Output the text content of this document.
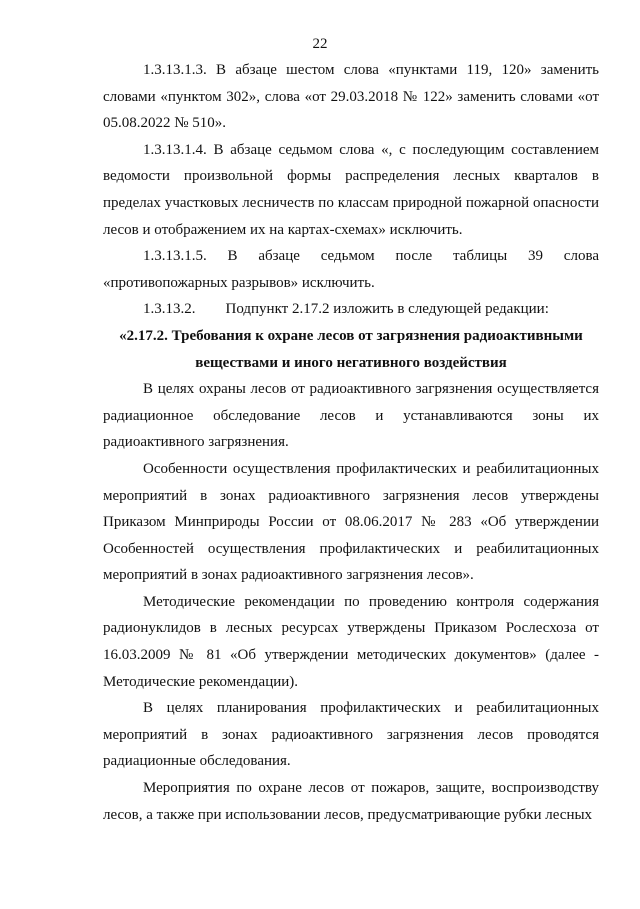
22

1.3.13.1.3. В абзаце шестом слова «пунктами 119, 120» заменить словами «пунктом 302», слова «от 29.03.2018 № 122» заменить словами «от 05.08.2022 № 510».

1.3.13.1.4. В абзаце седьмом слова «, с последующим составлением ведомости произвольной формы распределения лесных кварталов в пределах участковых лесничеств по классам природной пожарной опасности лесов и отображением их на картах-схемах» исключить.

1.3.13.1.5. В абзаце седьмом после таблицы 39 слова «противопожарных разрывов» исключить.

1.3.13.2. Подпункт 2.17.2 изложить в следующей редакции:

«2.17.2. Требования к охране лесов от загрязнения радиоактивными
веществами и иного негативного воздействия

В целях охраны лесов от радиоактивного загрязнения осуществляется радиационное обследование лесов и устанавливаются зоны их радиоактивного загрязнения.

Особенности осуществления профилактических и реабилитационных мероприятий в зонах радиоактивного загрязнения лесов утверждены Приказом Минприроды России от 08.06.2017 № 283 «Об утверждении Особенностей осуществления профилактических и реабилитационных мероприятий в зонах радиоактивного загрязнения лесов».

Методические рекомендации по проведению контроля содержания радионуклидов в лесных ресурсах утверждены Приказом Рослесхоза от 16.03.2009 № 81 «Об утверждении методических документов» (далее - Методические рекомендации).

В целях планирования профилактических и реабилитационных мероприятий в зонах радиоактивного загрязнения лесов проводятся радиационные обследования.

Мероприятия по охране лесов от пожаров, защите, воспроизводству лесов, а также при использовании лесов, предусматривающие рубки лесных
